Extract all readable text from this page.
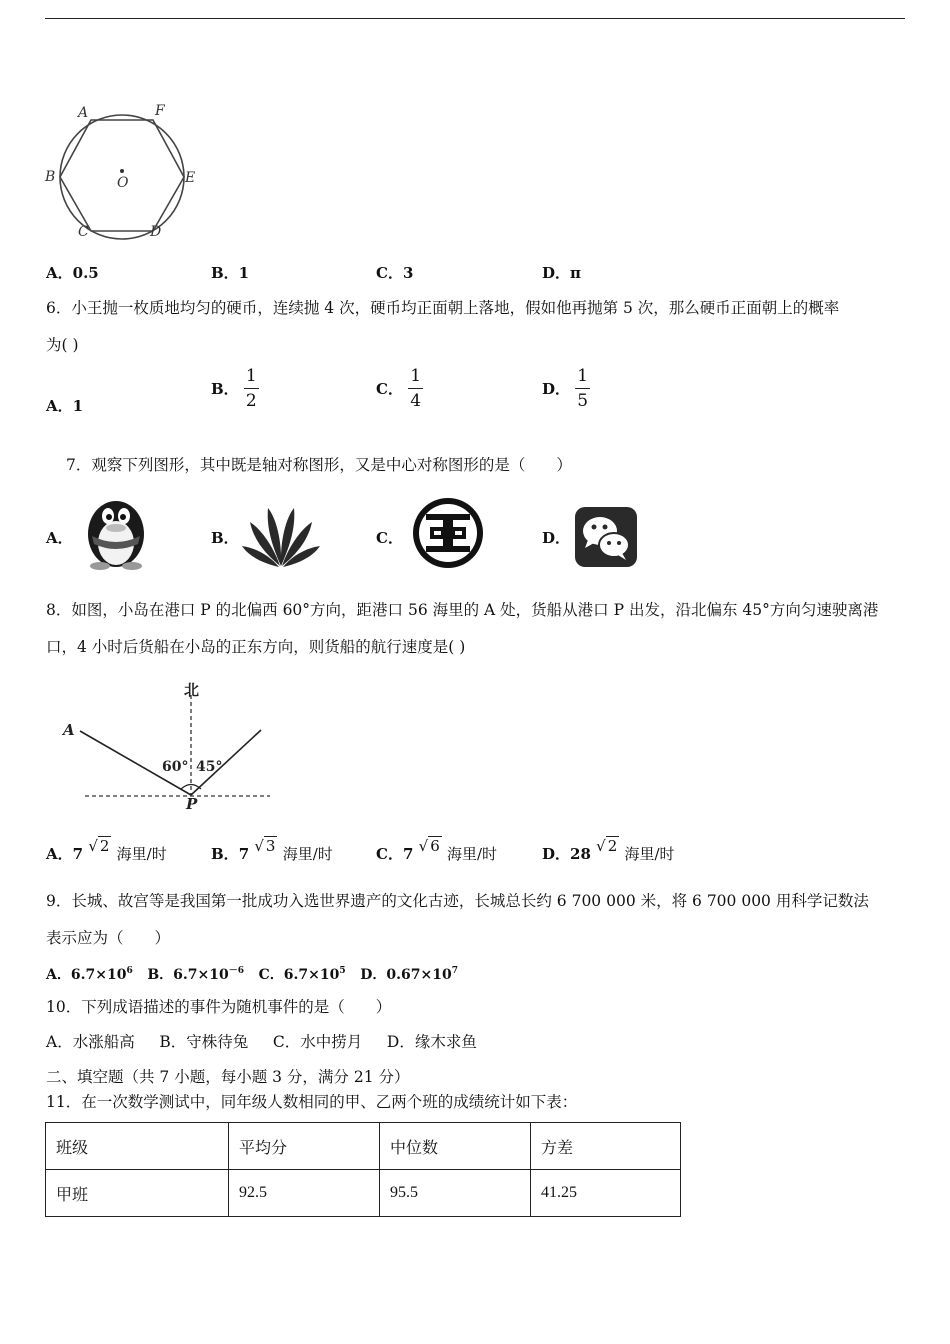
A	F
B	E
C	D
O
A．0.5	B．1	C．3	D．π
6．小王抛一枚质地均匀的硬币，连续抛 4 次，硬币均正面朝上落地，假如他再抛第 5 次，那么硬币正面朝上的概率
为( )
A．1
B． $\frac{1}{2}$	C． $\frac{1}{4}$	D． $\frac{1}{5}$
7．观察下列图形，其中既是轴对称图形，又是中心对称图形的是（　　）
A．	B．	C．	D．
8．如图，小岛在港口 P 的北偏西 60°方向，距港口 56 海里的 A 处，货船从港口 P 出发，沿北偏东 45°方向匀速驶离港
口，4 小时后货船在小岛的正东方向，则货船的航行速度是( )
北
A
60° 45°
P
A．7 √ 2 海里/时	B．7 √ 3 海里/时	C．7 √ 6 海里/时	D．28 √ 2 海里/时
9．长城、故宫等是我国第一批成功入选世界遗产的文化古迹，长城总长约 6 700 000 米，将 6 700 000 用科学记数法
表示应为（　　）
A．$6.7\times 10^6$ B．$6.7\times 10^{-6}$ C．$6.7\times 10^5$ D．$0.67\times 10^7$
10．下列成语描述的事件为随机事件的是（　　）
A．水涨船高 B．守株待兔 C．水中捞月 D．缘木求鱼
二、填空题（共 7 小题，每小题 3 分，满分 21 分）
11．在一次数学测试中，同年级人数相同的甲、乙两个班的成绩统计如下表：
班级	平均分	中位数	方差
甲班	92.5	95.5	41.25
